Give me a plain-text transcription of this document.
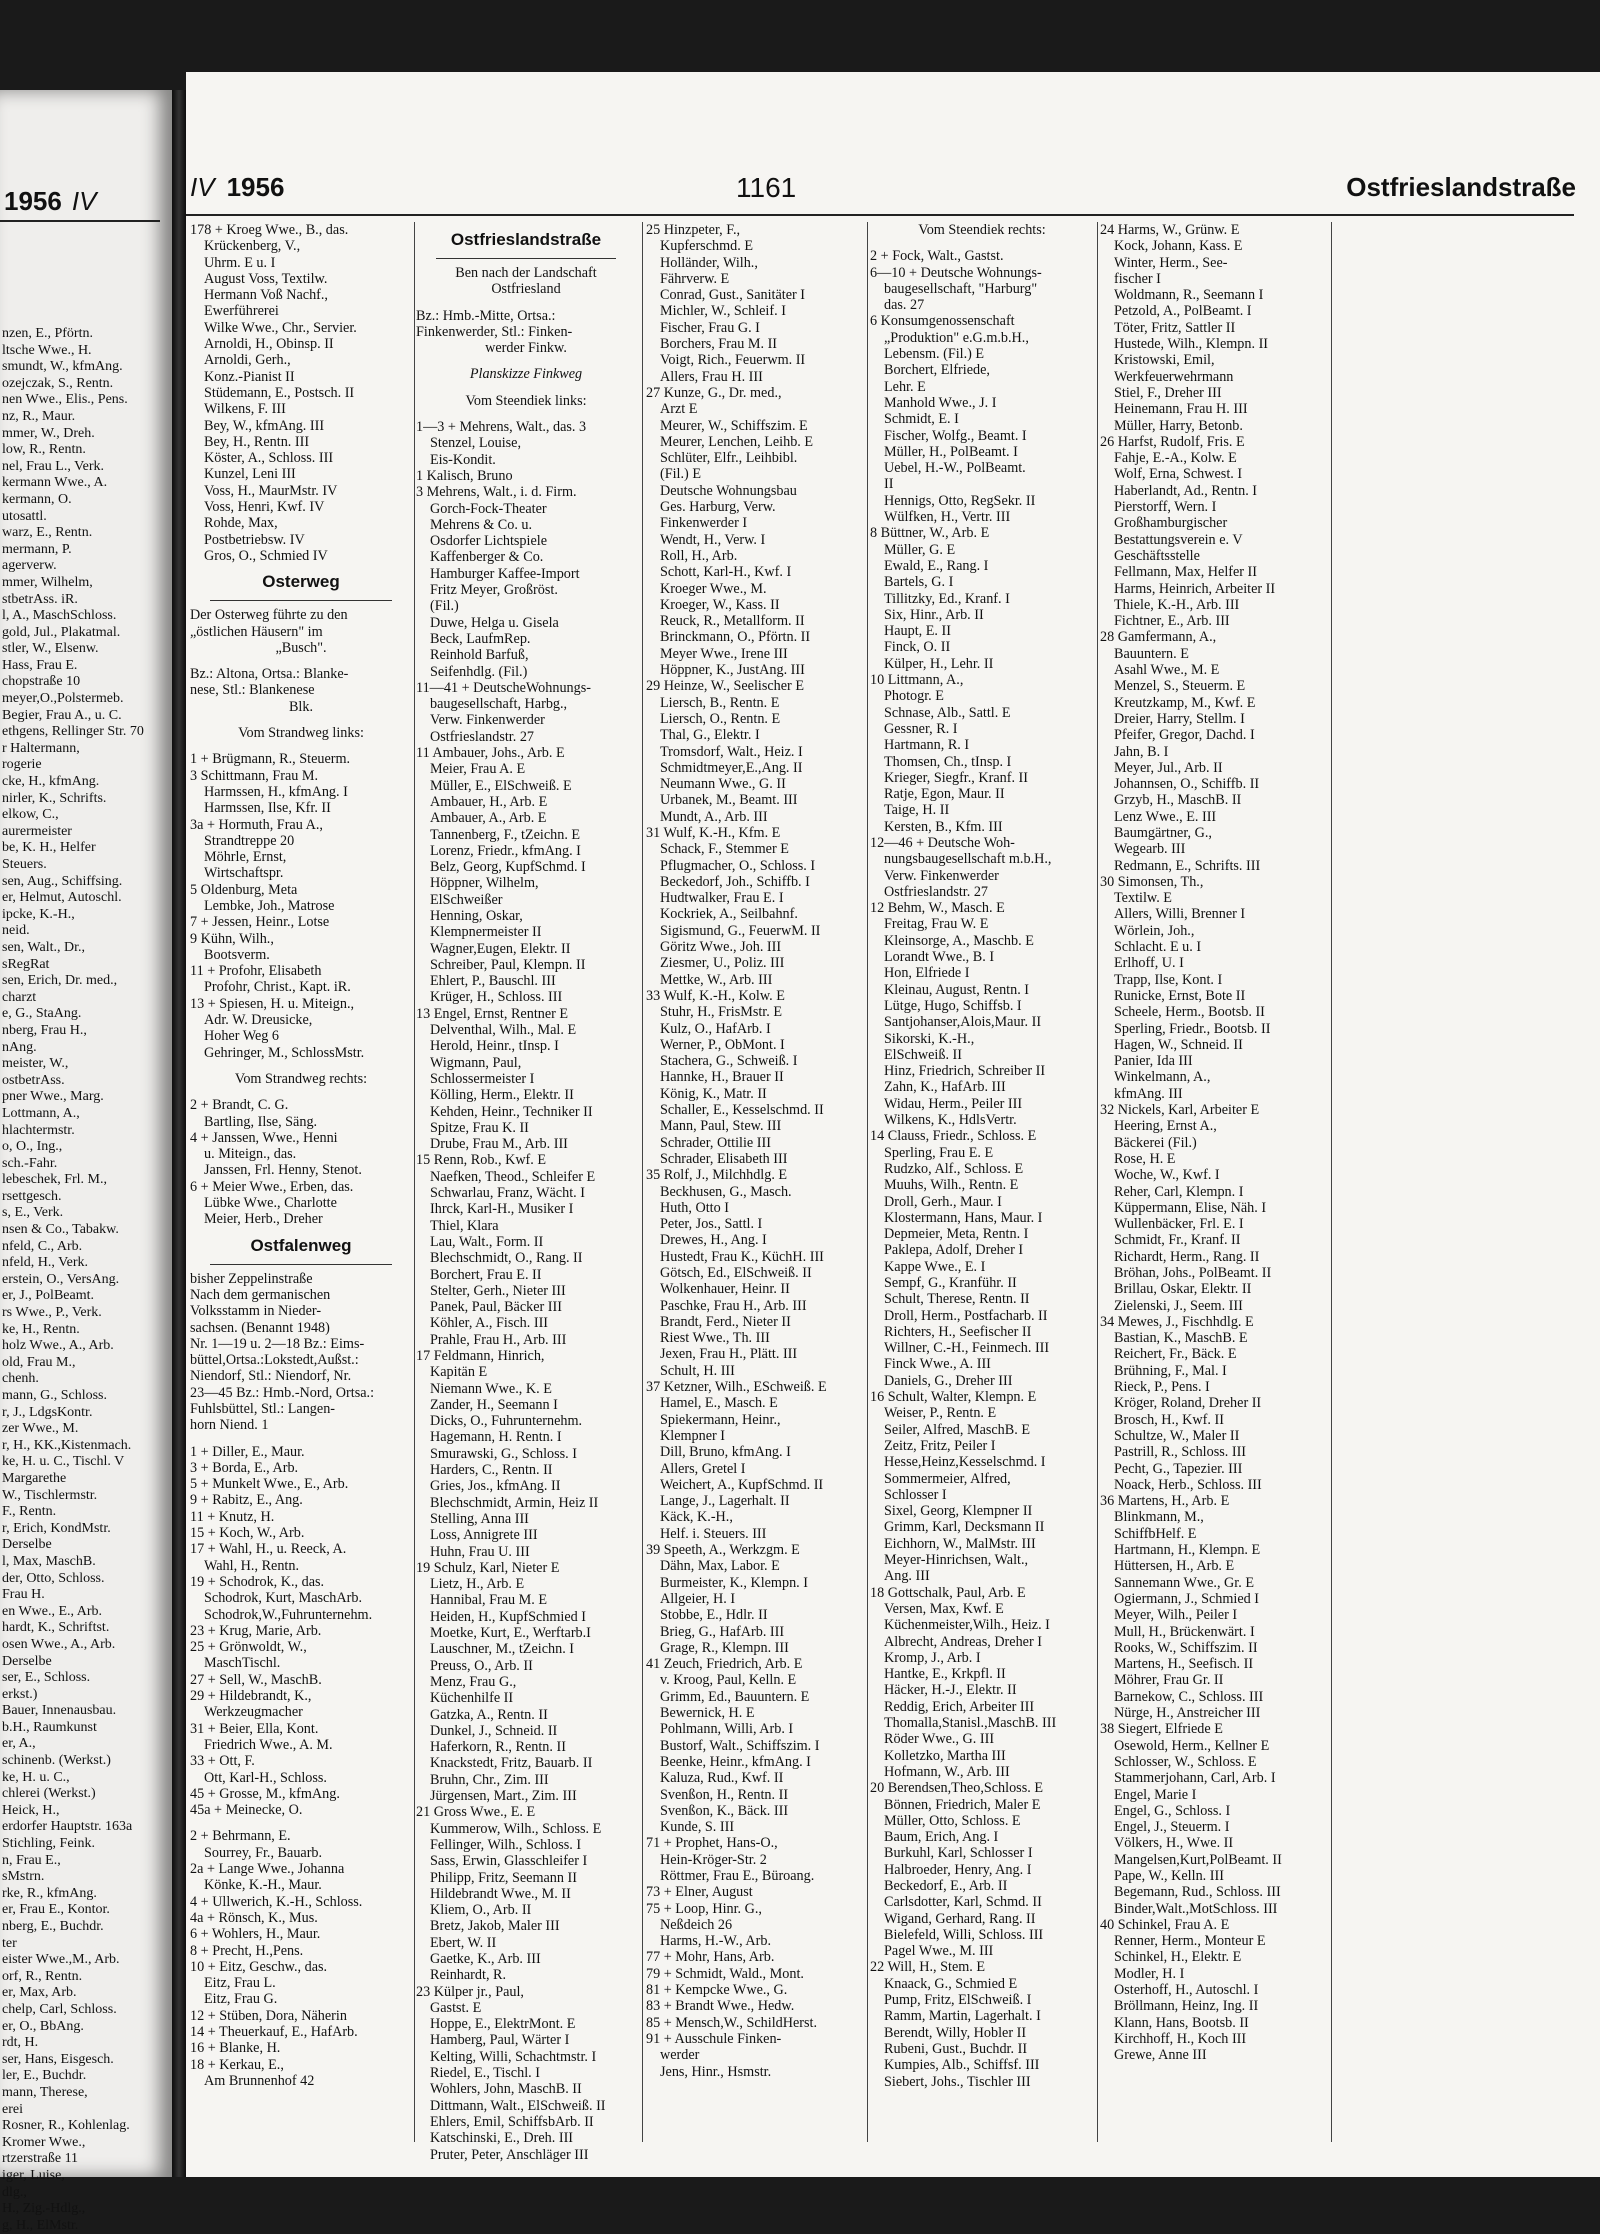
1956 IV
nzen, E., Pförtn.
ltsche Wwe., H.
smundt, W., kfmAng.
ozejczak, S., Rentn.
nen Wwe., Elis., Pens.
nz, R., Maur.
mmer, W., Dreh.
low, R., Rentn.
nel, Frau L., Verk.
kermann Wwe., A.
kermann, O.
utosattl.
warz, E., Rentn.
mermann, P.
agerverw.
mmer, Wilhelm,
stbetrAss. iR.
l, A., MaschSchloss.
gold, Jul., Plakatmal.
stler, W., Elsenw.
Hass, Frau E.
chopstraße 10
meyer,O.,Polstermeb.
Begier, Frau A., u. C.
ethgens, Rellinger Str. 70
r Haltermann,
rogerie
cke, H., kfmAng.
nirler, K., Schrifts.
elkow, C.,
aurermeister
be, K. H., Helfer
Steuers.
sen, Aug., Schiffsing.
er, Helmut, Autoschl.
ipcke, K.-H.,
neid.
sen, Walt., Dr.,
sRegRat
sen, Erich, Dr. med.,
charzt
e, G., StaAng.
nberg, Frau H.,
nAng.
meister, W.,
ostbetrAss.
pner Wwe., Marg.
Lottmann, A.,
hlachtermstr.
o, O., Ing.,
sch.-Fahr.
lebeschek, Frl. M.,
rsettgesch.
s, E., Verk.
nsen & Co., Tabakw.
nfeld, C., Arb.
nfeld, H., Verk.
erstein, O., VersAng.
er, J., PolBeamt.
rs Wwe., P., Verk.
ke, H., Rentn.
holz Wwe., A., Arb.
old, Frau M.,
chenh.
mann, G., Schloss.
r, J., LdgsKontr.
zer Wwe., M.
r, H., KK.,Kistenmach.
ke, H. u. C., Tischl. V
Margarethe
W., Tischlermstr.
F., Rentn.
r, Erich, KondMstr.
Derselbe
l, Max, MaschB.
der, Otto, Schloss.
Frau H.
en Wwe., E., Arb.
hardt, K., Schriftst.
osen Wwe., A., Arb.
Derselbe
ser, E., Schloss.
erkst.)
Bauer, Innenausbau.
b.H., Raumkunst
er, A.,
schinenb. (Werkst.)
ke, H. u. C.,
chlerei (Werkst.)
Heick, H.,
erdorfer Hauptstr. 163a
Stichling, Feink.
n, Frau E.,
sMstrn.
rke, R., kfmAng.
er, Frau E., Kontor.
nberg, E., Buchdr.
ter
eister Wwe.,M., Arb.
orf, R., Rentn.
er, Max, Arb.
chelp, Carl, Schloss.
er, O., BbAng.
rdt, H.
ser, Hans, Eisgesch.
ler, E., Buchdr.
mann, Therese,
erei
Rosner, R., Kohlenlag.
Kromer Wwe.,
rtzerstraße 11
iger, Luise,
dlg.,
H., Zig.-Hdlg.,
g, H., ElMstr.
IV 1956	1161	Ostfrieslandstraße
178 + Kroeg Wwe., B., das.
Krückenberg, V.,
Uhrm. E u. I
August Voss, Textilw.
Hermann Voß Nachf.,
Ewerführerei
Wilke Wwe., Chr., Servier.
Arnoldi, H., Obinsp. II
Arnoldi, Gerh.,
Konz.-Pianist II
Stüdemann, E., Postsch. II
Wilkens, F. III
Bey, W., kfmAng. III
Bey, H., Rentn. III
Köster, A., Schloss. III
Kunzel, Leni III
Voss, H., MaurMstr. IV
Voss, Henri, Kwf. IV
Rohde, Max,
Postbetriebsw. IV
Gros, O., Schmied IV
Osterweg
Der Osterweg führte zu den
„östlichen Häusern" im
„Busch".
Bz.: Altona, Ortsa.: Blanke-
nese, Stl.: Blankenese
Blk.
Vom Strandweg links:
1 + Brügmann, R., Steuerm.
3 Schittmann, Frau M.
Harmssen, H., kfmAng. I
Harmssen, Ilse, Kfr. II
3a + Hormuth, Frau A.,
Strandtreppe 20
Möhrle, Ernst,
Wirtschaftspr.
5 Oldenburg, Meta
Lembke, Joh., Matrose
7 + Jessen, Heinr., Lotse
9 Kühn, Wilh.,
Bootsverm.
11 + Profohr, Elisabeth
Profohr, Christ., Kapt. iR.
13 + Spiesen, H. u. Miteign.,
Adr. W. Dreusicke,
Hoher Weg 6
Gehringer, M., SchlossMstr.
Vom Strandweg rechts:
2 + Brandt, C. G.
Bartling, Ilse, Säng.
4 + Janssen, Wwe., Henni
u. Miteign., das.
Janssen, Frl. Henny, Stenot.
6 + Meier Wwe., Erben, das.
Lübke Wwe., Charlotte
Meier, Herb., Dreher
Ostfalenweg
bisher Zeppelinstraße
Nach dem germanischen
Volksstamm in Nieder-
sachsen. (Benannt 1948)
Nr. 1—19 u. 2—18 Bz.: Eims-
büttel,Ortsa.:Lokstedt,Außst.:
Niendorf, Stl.: Niendorf, Nr.
23—45 Bz.: Hmb.-Nord, Ortsa.:
Fuhlsbüttel, Stl.: Langen-
horn Niend. 1
1 + Diller, E., Maur.
3 + Borda, E., Arb.
5 + Munkelt Wwe., E., Arb.
9 + Rabitz, E., Ang.
11 + Knutz, H.
15 + Koch, W., Arb.
17 + Wahl, H., u. Reeck, A.
Wahl, H., Rentn.
19 + Schodrok, K., das.
Schodrok, Kurt, MaschArb.
Schodrok,W.,Fuhrunternehm.
23 + Krug, Marie, Arb.
25 + Grönwoldt, W.,
MaschTischl.
27 + Sell, W., MaschB.
29 + Hildebrandt, K.,
Werkzeugmacher
31 + Beier, Ella, Kont.
Friedrich Wwe., A. M.
33 + Ott, F.
Ott, Karl-H., Schloss.
45 + Grosse, M., kfmAng.
45a + Meinecke, O.
2 + Behrmann, E.
Sourrey, Fr., Bauarb.
2a + Lange Wwe., Johanna
Könke, K.-H., Maur.
4 + Ullwerich, K.-H., Schloss.
4a + Rönsch, K., Mus.
6 + Wohlers, H., Maur.
8 + Precht, H.,Pens.
10 + Eitz, Geschw., das.
Eitz, Frau L.
Eitz, Frau G.
12 + Stüben, Dora, Näherin
14 + Theuerkauf, E., HafArb.
16 + Blanke, H.
18 + Kerkau, E.,
Am Brunnenhof 42
Ostfrieslandstraße
Ben nach der Landschaft
Ostfriesland
Bz.: Hmb.-Mitte, Ortsa.:
Finkenwerder, Stl.: Finken-
werder Finkw.
Planskizze Finkweg
Vom Steendiek links:
1—3 + Mehrens, Walt., das. 3
Stenzel, Louise,
Eis-Kondit.
1 Kalisch, Bruno
3 Mehrens, Walt., i. d. Firm.
Gorch-Fock-Theater
Mehrens & Co. u.
Osdorfer Lichtspiele
Kaffenberger & Co.
Hamburger Kaffee-Import
Fritz Meyer, Großröst.
(Fil.)
Duwe, Helga u. Gisela
Beck, LaufmRep.
Reinhold Barfuß,
Seifenhdlg. (Fil.)
11—41 + DeutscheWohnungs-
baugesellschaft, Harbg.,
Verw. Finkenwerder
Ostfrieslandstr. 27
11 Ambauer, Johs., Arb. E
Meier, Frau A. E
Müller, E., ElSchweiß. E
Ambauer, H., Arb. E
Ambauer, A., Arb. E
Tannenberg, F., tZeichn. E
Lorenz, Friedr., kfmAng. I
Belz, Georg, KupfSchmd. I
Höppner, Wilhelm,
ElSchweißer
Henning, Oskar,
Klempnermeister II
Wagner,Eugen, Elektr. II
Schreiber, Paul, Klempn. II
Ehlert, P., Bauschl. III
Krüger, H., Schloss. III
13 Engel, Ernst, Rentner E
Delventhal, Wilh., Mal. E
Herold, Heinr., tInsp. I
Wigmann, Paul,
Schlossermeister I
Kölling, Herm., Elektr. II
Kehden, Heinr., Techniker II
Spitze, Frau K. II
Drube, Frau M., Arb. III
15 Renn, Rob., Kwf. E
Naefken, Theod., Schleifer E
Schwarlau, Franz, Wächt. I
Ihrck, Karl-H., Musiker I
Thiel, Klara
Lau, Walt., Form. II
Blechschmidt, O., Rang. II
Borchert, Frau E. II
Stelter, Gerh., Nieter III
Panek, Paul, Bäcker III
Köhler, A., Fisch. III
Prahle, Frau H., Arb. III
17 Feldmann, Hinrich,
Kapitän E
Niemann Wwe., K. E
Zander, H., Seemann I
Dicks, O., Fuhrunternehm.
Hagemann, H. Rentn. I
Smurawski, G., Schloss. I
Harders, C., Rentn. II
Gries, Jos., kfmAng. II
Blechschmidt, Armin, Heiz II
Stelling, Anna III
Loss, Annigrete III
Huhn, Frau U. III
19 Schulz, Karl, Nieter E
Lietz, H., Arb. E
Hannibal, Frau M. E
Heiden, H., KupfSchmied I
Moetke, Kurt, E., Werftarb.I
Lauschner, M., tZeichn. I
Preuss, O., Arb. II
Menz, Frau G.,
Küchenhilfe II
Gatzka, A., Rentn. II
Dunkel, J., Schneid. II
Haferkorn, R., Rentn. II
Knackstedt, Fritz, Bauarb. II
Bruhn, Chr., Zim. III
Jürgensen, Mart., Zim. III
21 Gross Wwe., E. E
Kummerow, Wilh., Schloss. E
Fellinger, Wilh., Schloss. I
Sass, Erwin, Glasschleifer I
Philipp, Fritz, Seemann II
Hildebrandt Wwe., M. II
Kliem, O., Arb. II
Bretz, Jakob, Maler III
Ebert, W. II
Gaetke, K., Arb. III
Reinhardt, R.
23 Külper jr., Paul,
Gastst. E
Hoppe, E., ElektrMont. E
Hamberg, Paul, Wärter I
Kelting, Willi, Schachtmstr. I
Riedel, E., Tischl. I
Wohlers, John, MaschB. II
Dittmann, Walt., ElSchweiß. II
Ehlers, Emil, SchiffsbArb. II
Katschinski, E., Dreh. III
Pruter, Peter, Anschläger III
25 Hinzpeter, F.,
Kupferschmd. E
Holländer, Wilh.,
Fährverw. E
Conrad, Gust., Sanitäter I
Michler, W., Schleif. I
Fischer, Frau G. I
Borchers, Frau M. II
Voigt, Rich., Feuerwm. II
Allers, Frau H. III
27 Kunze, G., Dr. med.,
Arzt E
Meurer, W., Schiffszim. E
Meurer, Lenchen, Leihb. E
Schlüter, Elfr., Leihbibl.
(Fil.) E
Deutsche Wohnungsbau
Ges. Harburg, Verw.
Finkenwerder I
Wendt, H., Verw. I
Roll, H., Arb.
Schott, Karl-H., Kwf. I
Kroeger Wwe., M.
Kroeger, W., Kass. II
Reuck, R., Metallform. II
Brinckmann, O., Pförtn. II
Meyer Wwe., Irene III
Höppner, K., JustAng. III
29 Heinze, W., Seelischer E
Liersch, B., Rentn. E
Liersch, O., Rentn. E
Thal, G., Elektr. I
Tromsdorf, Walt., Heiz. I
Schmidtmeyer,E.,Ang. II
Neumann Wwe., G. II
Urbanek, M., Beamt. III
Mundt, A., Arb. III
31 Wulf, K.-H., Kfm. E
Schack, F., Stemmer E
Pflugmacher, O., Schloss. I
Beckedorf, Joh., Schiffb. I
Hudtwalker, Frau E. I
Kockriek, A., Seilbahnf.
Sigismund, G., FeuerwM. II
Göritz Wwe., Joh. III
Ziesmer, U., Poliz. III
Mettke, W., Arb. III
33 Wulf, K.-H., Kolw. E
Stuhr, H., FrisMstr. E
Kulz, O., HafArb. I
Werner, P., ObMont. I
Stachera, G., Schweiß. I
Hannke, H., Brauer II
König, K., Matr. II
Schaller, E., Kesselschmd. II
Mann, Paul, Stew. III
Schrader, Ottilie III
Schrader, Elisabeth III
35 Rolf, J., Milchhdlg. E
Beckhusen, G., Masch.
Huth, Otto I
Peter, Jos., Sattl. I
Drewes, H., Ang. I
Hustedt, Frau K., KüchH. III
Götsch, Ed., ElSchweiß. II
Wolkenhauer, Heinr. II
Paschke, Frau H., Arb. III
Brandt, Ferd., Nieter II
Riest Wwe., Th. III
Jexen, Frau H., Plätt. III
Schult, H. III
37 Ketzner, Wilh., ESchweiß. E
Hamel, E., Masch. E
Spiekermann, Heinr.,
Klempner I
Dill, Bruno, kfmAng. I
Allers, Gretel I
Weichert, A., KupfSchmd. II
Lange, J., Lagerhalt. II
Käck, K.-H.,
Helf. i. Steuers. III
39 Speeth, A., Werkzgm. E
Dähn, Max, Labor. E
Burmeister, K., Klempn. I
Allgeier, H. I
Stobbe, E., Hdlr. II
Brieg, G., HafArb. III
Grage, R., Klempn. III
41 Zeuch, Friedrich, Arb. E
v. Kroog, Paul, Kelln. E
Grimm, Ed., Bauuntern. E
Bewernick, H. E
Pohlmann, Willi, Arb. I
Bustorf, Walt., Schiffszim. I
Beenke, Heinr., kfmAng. I
Kaluza, Rud., Kwf. II
Svenßon, H., Rentn. II
Svenßon, K., Bäck. III
Kunde, S. III
71 + Prophet, Hans-O.,
Hein-Kröger-Str. 2
Röttmer, Frau E., Büroang.
73 + Elner, August
75 + Loop, Hinr. G.,
Neßdeich 26
Harms, H.-W., Arb.
77 + Mohr, Hans, Arb.
79 + Schmidt, Wald., Mont.
81 + Kempcke Wwe., G.
83 + Brandt Wwe., Hedw.
85 + Mensch,W., SchildHerst.
91 + Ausschule Finken-
werder
Jens, Hinr., Hsmstr.
Vom Steendiek rechts:
2 + Fock, Walt., Gastst.
6—10 + Deutsche Wohnungs-
baugesellschaft, "Harburg"
das. 27
6 Konsumgenossenschaft
„Produktion" e.G.m.b.H.,
Lebensm. (Fil.) E
Borchert, Elfriede,
Lehr. E
Manhold Wwe., J. I
Schmidt, E. I
Fischer, Wolfg., Beamt. I
Müller, H., PolBeamt. I
Uebel, H.-W., PolBeamt.
II
Hennigs, Otto, RegSekr. II
Wülfken, H., Vertr. III
8 Büttner, W., Arb. E
Müller, G. E
Ewald, E., Rang. I
Bartels, G. I
Tillitzky, Ed., Kranf. I
Six, Hinr., Arb. II
Haupt, E. II
Finck, O. II
Külper, H., Lehr. II
10 Littmann, A.,
Photogr. E
Schnase, Alb., Sattl. E
Gessner, R. I
Hartmann, R. I
Thomsen, Ch., tInsp. I
Krieger, Siegfr., Kranf. II
Ratje, Egon, Maur. II
Taige, H. II
Kersten, B., Kfm. III
12—46 + Deutsche Woh-
nungsbaugesellschaft m.b.H.,
Verw. Finkenwerder
Ostfrieslandstr. 27
12 Behm, W., Masch. E
Freitag, Frau W. E
Kleinsorge, A., Maschb. E
Lorandt Wwe., B. I
Hon, Elfriede I
Kleinau, August, Rentn. I
Lütge, Hugo, Schiffsb. I
Santjohanser,Alois,Maur. II
Sikorski, K.-H.,
ElSchweiß. II
Hinz, Friedrich, Schreiber II
Zahn, K., HafArb. III
Widau, Herm., Peiler III
Wilkens, K., HdlsVertr.
14 Clauss, Friedr., Schloss. E
Sperling, Frau E. E
Rudzko, Alf., Schloss. E
Muuhs, Wilh., Rentn. E
Droll, Gerh., Maur. I
Klostermann, Hans, Maur. I
Depmeier, Meta, Rentn. I
Paklepa, Adolf, Dreher I
Kappe Wwe., E. I
Sempf, G., Kranführ. II
Schult, Therese, Rentn. II
Droll, Herm., Postfacharb. II
Richters, H., Seefischer II
Willner, C.-H., Feinmech. III
Finck Wwe., A. III
Daniels, G., Dreher III
16 Schult, Walter, Klempn. E
Weiser, P., Rentn. E
Seiler, Alfred, MaschB. E
Zeitz, Fritz, Peiler I
Hesse,Heinz,Kesselschmd. I
Sommermeier, Alfred,
Schlosser I
Sixel, Georg, Klempner II
Grimm, Karl, Decksmann II
Eichhorn, W., MalMstr. III
Meyer-Hinrichsen, Walt.,
Ang. III
18 Gottschalk, Paul, Arb. E
Versen, Max, Kwf. E
Küchenmeister,Wilh., Heiz. I
Albrecht, Andreas, Dreher I
Kromp, J., Arb. I
Hantke, E., Krkpfl. II
Häcker, H.-J., Elektr. II
Reddig, Erich, Arbeiter III
Thomalla,Stanisl.,MaschB. III
Röder Wwe., G. III
Kolletzko, Martha III
Hofmann, W., Arb. III
20 Berendsen,Theo,Schloss. E
Bönnen, Friedrich, Maler E
Müller, Otto, Schloss. E
Baum, Erich, Ang. I
Burkuhl, Karl, Schlosser I
Halbroeder, Henry, Ang. I
Beckedorf, E., Arb. II
Carlsdotter, Karl, Schmd. II
Wigand, Gerhard, Rang. II
Bielefeld, Willi, Schloss. III
Pagel Wwe., M. III
22 Will, H., Stem. E
Knaack, G., Schmied E
Pump, Fritz, ElSchweiß. I
Ramm, Martin, Lagerhalt. I
Berendt, Willy, Hobler II
Rubeni, Gust., Buchdr. II
Kumpies, Alb., Schiffsf. III
Siebert, Johs., Tischler III
24 Harms, W., Grünw. E
Kock, Johann, Kass. E
Winter, Herm., See-
fischer I
Woldmann, R., Seemann I
Petzold, A., PolBeamt. I
Töter, Fritz, Sattler II
Hustede, Wilh., Klempn. II
Kristowski, Emil,
Werkfeuerwehrmann
Stiel, F., Dreher III
Heinemann, Frau H. III
Müller, Harry, Betonb.
26 Harfst, Rudolf, Fris. E
Fahje, E.-A., Kolw. E
Wolf, Erna, Schwest. I
Haberlandt, Ad., Rentn. I
Pierstorff, Wern. I
Großhamburgischer
Bestattungsverein e. V
Geschäftsstelle
Fellmann, Max, Helfer II
Harms, Heinrich, Arbeiter II
Thiele, K.-H., Arb. III
Fichtner, E., Arb. III
28 Gamfermann, A.,
Bauuntern. E
Asahl Wwe., M. E
Menzel, S., Steuerm. E
Kreutzkamp, M., Kwf. E
Dreier, Harry, Stellm. I
Pfeifer, Gregor, Dachd. I
Jahn, B. I
Meyer, Jul., Arb. II
Johannsen, O., Schiffb. II
Grzyb, H., MaschB. II
Lenz Wwe., E. III
Baumgärtner, G.,
Wegearb. III
Redmann, E., Schrifts. III
30 Simonsen, Th.,
Textilw. E
Allers, Willi, Brenner I
Wörlein, Joh.,
Schlacht. E u. I
Erlhoff, U. I
Trapp, Ilse, Kont. I
Runicke, Ernst, Bote II
Scheele, Herm., Bootsb. II
Sperling, Friedr., Bootsb. II
Hagen, W., Schneid. II
Panier, Ida III
Winkelmann, A.,
kfmAng. III
32 Nickels, Karl, Arbeiter E
Heering, Ernst A.,
Bäckerei (Fil.)
Rose, H. E
Woche, W., Kwf. I
Reher, Carl, Klempn. I
Küppermann, Elise, Näh. I
Wullenbäcker, Frl. E. I
Schmidt, Fr., Kranf. II
Richardt, Herm., Rang. II
Bröhan, Johs., PolBeamt. II
Brillau, Oskar, Elektr. II
Zielenski, J., Seem. III
34 Mewes, J., Fischhdlg. E
Bastian, K., MaschB. E
Reichert, Fr., Bäck. E
Brühning, F., Mal. I
Rieck, P., Pens. I
Kröger, Roland, Dreher II
Brosch, H., Kwf. II
Schultze, W., Maler II
Pastrill, R., Schloss. III
Pecht, G., Tapezier. III
Noack, Herb., Schloss. III
36 Martens, H., Arb. E
Blinkmann, M.,
SchiffbHelf. E
Hartmann, H., Klempn. E
Hüttersen, H., Arb. E
Sannemann Wwe., Gr. E
Ogiermann, J., Schmied I
Meyer, Wilh., Peiler I
Mull, H., Brückenwärt. I
Rooks, W., Schiffszim. II
Martens, H., Seefisch. II
Möhrer, Frau Gr. II
Barnekow, C., Schloss. III
Nürge, H., Anstreicher III
38 Siegert, Elfriede E
Osewold, Herm., Kellner E
Schlosser, W., Schloss. E
Stammerjohann, Carl, Arb. I
Engel, Marie I
Engel, G., Schloss. I
Engel, J., Steuerm. I
Völkers, H., Wwe. II
Mangelsen,Kurt,PolBeamt. II
Pape, W., Kelln. III
Begemann, Rud., Schloss. III
Binder,Walt.,MotSchloss. III
40 Schinkel, Frau A. E
Renner, Herm., Monteur E
Schinkel, H., Elektr. E
Modler, H. I
Osterhoff, H., Autoschl. I
Bröllmann, Heinz, Ing. II
Klann, Hans, Bootsb. II
Kirchhoff, H., Koch III
Grewe, Anne III
